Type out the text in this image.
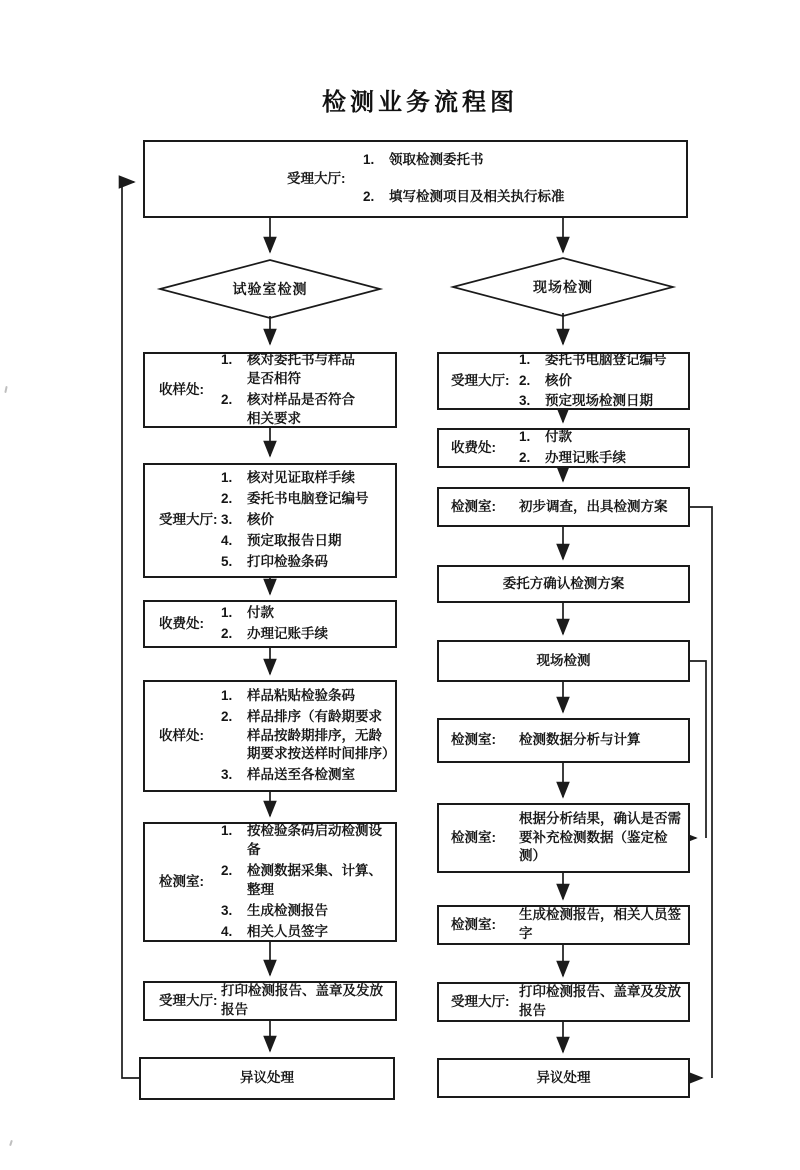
检测业务流程图
受理大厅:
1.	领取检测委托书
2.	填写检测项目及相关执行标准
试验室检测	现场检测
收样处:
1.	核对委托书与样品是否相符
2.	核对样品是否符合相关要求
受理大厅:
1.	核对见证取样手续
2.	委托书电脑登记编号
3.	核价
4.	预定取报告日期
5.	打印检验条码
收费处:
1.	付款
2.	办理记账手续
收样处:
1.	样品粘贴检验条码
2.	样品排序（有龄期要求样品按龄期排序，无龄期要求按送样时间排序）
3.	样品送至各检测室
检测室:
1.	按检验条码启动检测设备
2.	检测数据采集、计算、整理
3.	生成检测报告
4.	相关人员签字
受理大厅:
打印检测报告、盖章及发放报告
异议处理
受理大厅:
1.	委托书电脑登记编号
2.	核价
3.	预定现场检测日期
收费处:
1.	付款
2.	办理记账手续
检测室:	初步调查，出具检测方案
委托方确认检测方案
现场检测
检测室:	检测数据分析与计算
检测室:
根据分析结果，确认是否需要补充检测数据（鉴定检测）
检测室:
生成检测报告，相关人员签字
受理大厅:
打印检测报告、盖章及发放报告
异议处理
